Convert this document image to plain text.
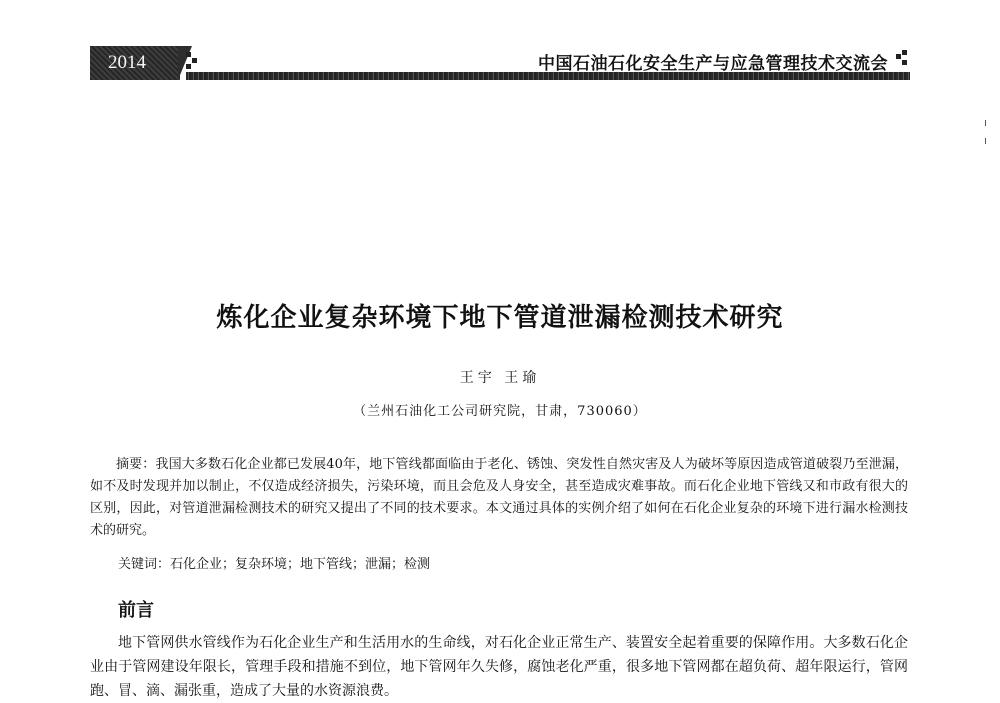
2014	中国石油石化安全生产与应急管理技术交流会
炼化企业复杂环境下地下管道泄漏检测技术研究
王宇 王瑜
（兰州石油化工公司研究院，甘肃，730060）

摘要：我国大多数石化企业都已发展40年，地下管线都面临由于老化、锈蚀、突发性自然灾害及人为破坏等原因造成管道破裂乃至泄漏，如不及时发现并加以制止，不仅造成经济损失，污染环境，而且会危及人身安全，甚至造成灾难事故。而石化企业地下管线又和市政有很大的区别，因此，对管道泄漏检测技术的研究又提出了不同的技术要求。本文通过具体的实例介绍了如何在石化企业复杂的环境下进行漏水检测技术的研究。

关键词：石化企业；复杂环境；地下管线；泄漏；检测

前言

地下管网供水管线作为石化企业生产和生活用水的生命线，对石化企业正常生产、装置安全起着重要的保障作用。大多数石化企业由于管网建设年限长，管理手段和措施不到位，地下管网年久失修，腐蚀老化严重，很多地下管网都在超负荷、超年限运行，管网跑、冒、滴、漏张重，造成了大量的水资源浪费。
